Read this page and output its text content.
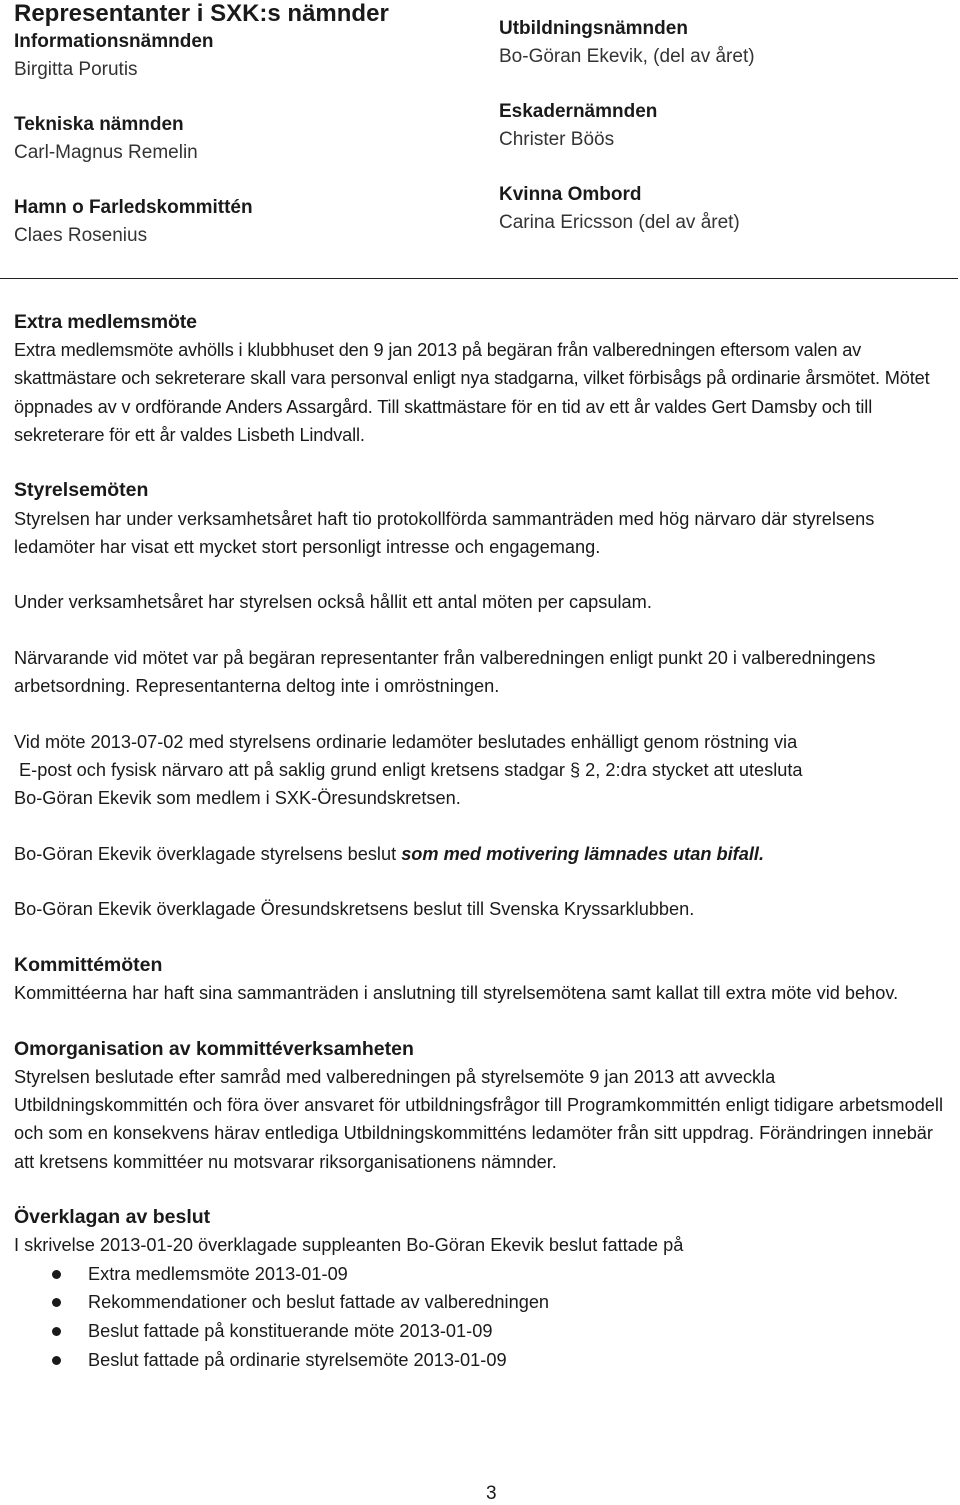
Representanter i SXK:s nämnder
Informationsnämnden
Birgitta Porutis
Tekniska nämnden
Carl-Magnus Remelin
Hamn o Farledskommittén
Claes Rosenius
Utbildningsnämnden
Bo-Göran Ekevik, (del av året)
Eskadernämnden
Christer Böös
Kvinna Ombord
Carina Ericsson (del av året)
Extra medlemsmöte

Extra medlemsmöte avhölls i klubbhuset den 9 jan 2013 på begäran från valberedningen eftersom valen av skattmästare och sekreterare skall vara personval enligt nya stadgarna, vilket förbisågs på ordinarie årsmötet. Mötet öppnades av v ordförande Anders Assargård. Till skattmästare för en tid av ett år valdes Gert Damsby och till sekreterare för ett år valdes Lisbeth Lindvall.

Styrelsemöten

Styrelsen har under verksamhetsåret haft tio protokollförda sammanträden med hög närvaro där styrelsens ledamöter har visat ett mycket stort personligt intresse och engagemang.

Under verksamhetsåret har styrelsen också hållit ett antal möten per capsulam.

Närvarande vid mötet var på begäran representanter från valberedningen enligt punkt 20 i valberedningens arbetsordning. Representanterna deltog inte i omröstningen.

Vid möte 2013-07-02 med styrelsens ordinarie ledamöter beslutades enhälligt genom röstning via
E-post och fysisk närvaro att på saklig grund enligt kretsens stadgar § 2, 2:dra stycket att utesluta
Bo-Göran Ekevik som medlem i SXK-Öresundskretsen.

Bo-Göran Ekevik överklagade styrelsens beslut som med motivering lämnades utan bifall.

Bo-Göran Ekevik överklagade Öresundskretsens beslut till Svenska Kryssarklubben.

Kommittémöten

Kommittéerna har haft sina sammanträden i anslutning till styrelsemötena samt kallat till extra möte vid behov.

Omorganisation av kommittéverksamheten

Styrelsen beslutade efter samråd med valberedningen på styrelsemöte 9 jan 2013 att avveckla Utbildningskommittén och föra över ansvaret för utbildningsfrågor till Programkommittén enligt tidigare arbetsmodell och som en konsekvens härav entlediga Utbildningskommitténs ledamöter från sitt uppdrag. Förändringen innebär att kretsens kommittéer nu motsvarar riksorganisationens nämnder.

Överklagan av beslut

I skrivelse 2013-01-20 överklagade suppleanten Bo-Göran Ekevik beslut fattade på

Extra medlemsmöte 2013-01-09
Rekommendationer och beslut fattade av valberedningen
Beslut fattade på konstituerande möte 2013-01-09
Beslut fattade på ordinarie styrelsemöte 2013-01-09
3
